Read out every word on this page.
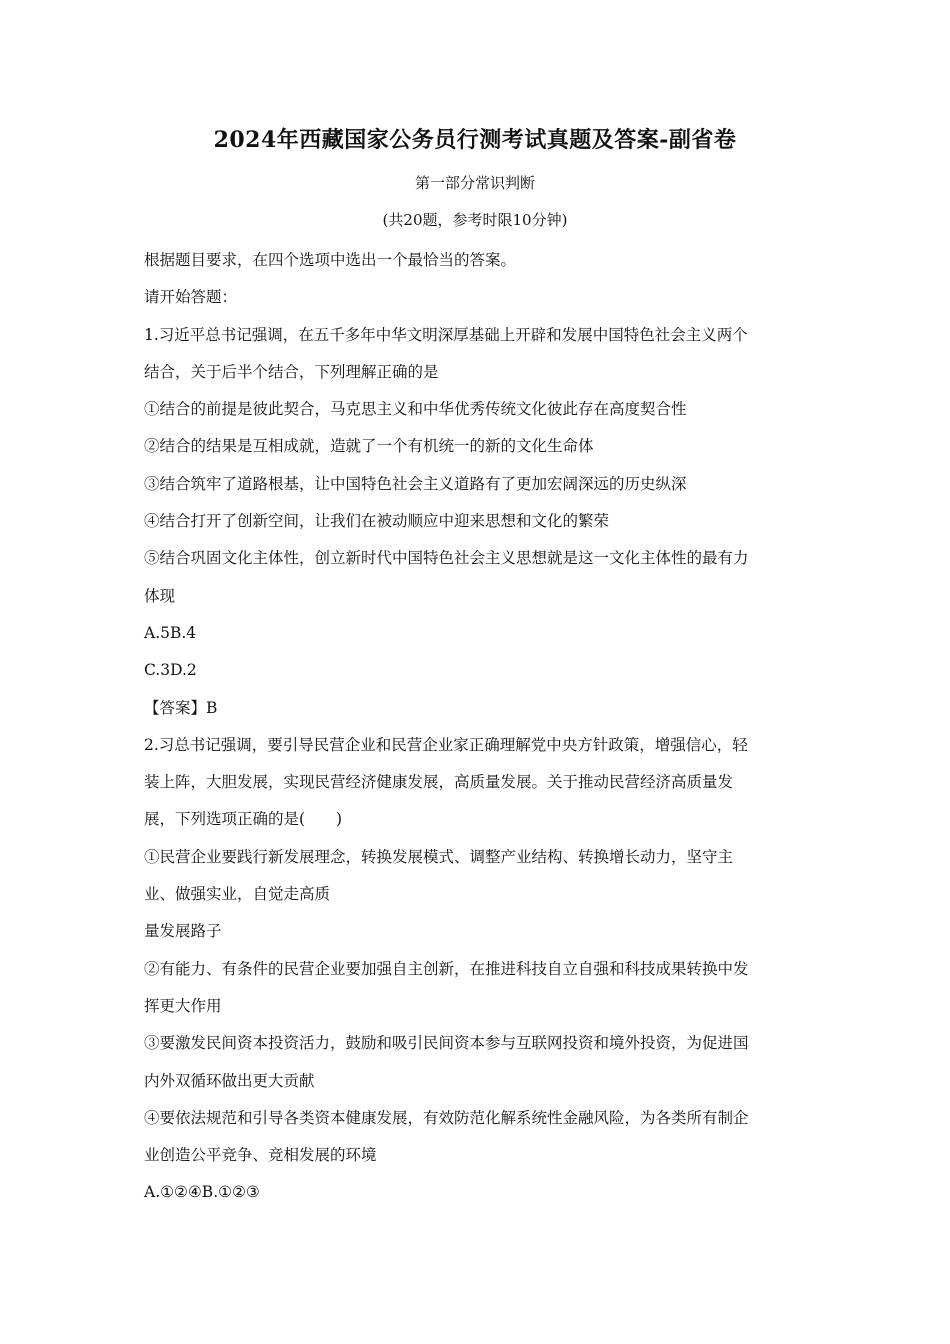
2024年西藏国家公务员行测考试真题及答案-副省卷
第一部分常识判断
(共20题，参考时限10分钟)

根据题目要求，在四个选项中选出一个最恰当的答案。

请开始答题：

1.习近平总书记强调，在五千多年中华文明深厚基础上开辟和发展中国特色社会主义两个

结合，关于后半个结合，下列理解正确的是

①结合的前提是彼此契合，马克思主义和中华优秀传统文化彼此存在高度契合性

②结合的结果是互相成就，造就了一个有机统一的新的文化生命体

③结合筑牢了道路根基，让中国特色社会主义道路有了更加宏阔深远的历史纵深

④结合打开了创新空间，让我们在被动顺应中迎来思想和文化的繁荣

⑤结合巩固文化主体性，创立新时代中国特色社会主义思想就是这一文化主体性的最有力

体现

A.5B.4

C.3D.2

【答案】B

2.习总书记强调，要引导民营企业和民营企业家正确理解党中央方针政策，增强信心，轻

装上阵，大胆发展，实现民营经济健康发展，高质量发展。关于推动民营经济高质量发

展，下列选项正确的是(　　)

①民营企业要践行新发展理念，转换发展模式、调整产业结构、转换增长动力，坚守主

业、做强实业，自觉走高质

量发展路子

②有能力、有条件的民营企业要加强自主创新，在推进科技自立自强和科技成果转换中发

挥更大作用

③要激发民间资本投资活力，鼓励和吸引民间资本参与互联网投资和境外投资，为促进国

内外双循环做出更大贡献

④要依法规范和引导各类资本健康发展，有效防范化解系统性金融风险，为各类所有制企

业创造公平竞争、竞相发展的环境

A.①②④B.①②③
